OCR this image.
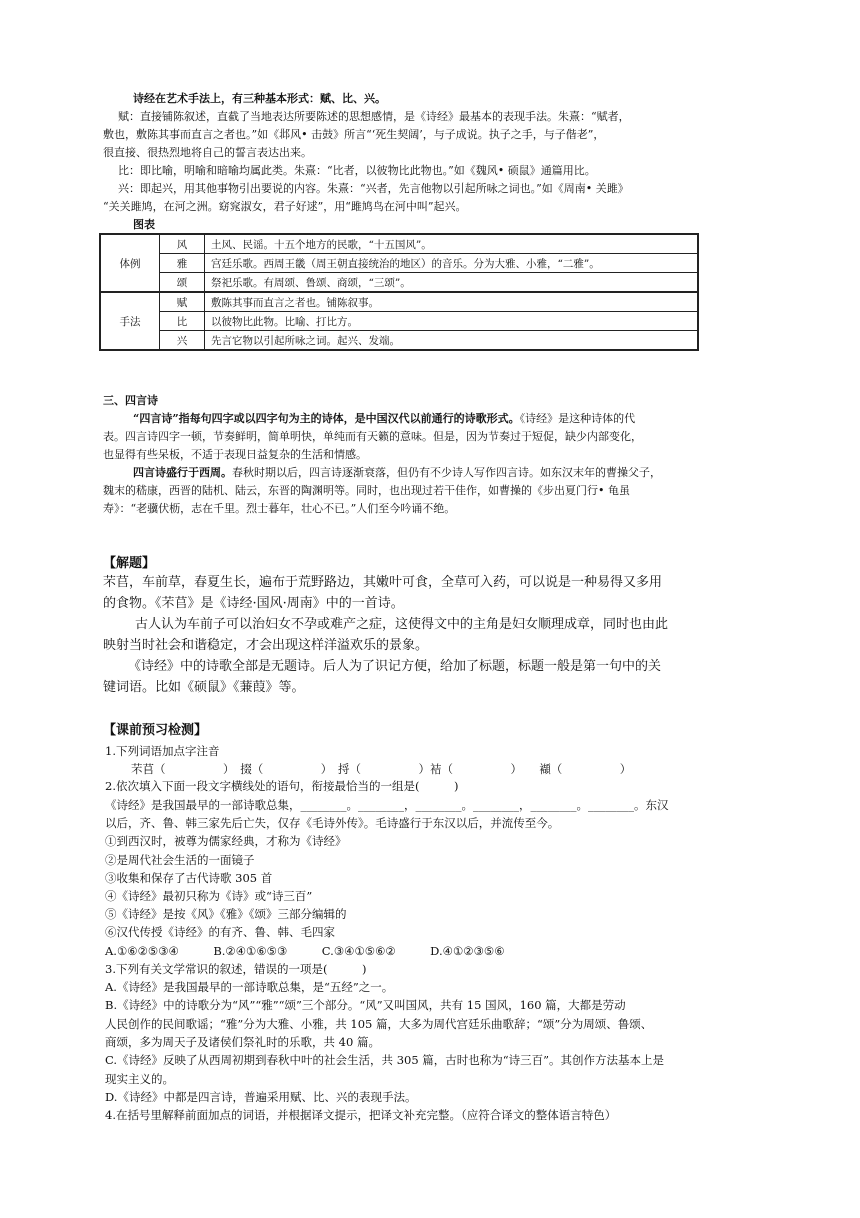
诗经在艺术手法上，有三种基本形式：赋、比、兴。
赋：直接铺陈叙述，直截了当地表达所要陈述的思想感情，是《诗经》最基本的表现手法。朱熹：“赋者，
敷也，敷陈其事而直言之者也。”如《邶风• 击鼓》所言“‘死生契阔’，与子成说。执子之手，与子偕老”，
很直接、很热烈地将自己的誓言表达出来。
比：即比喻，明喻和暗喻均属此类。朱熹：“比者，以彼物比此物也。”如《魏风• 硕鼠》通篇用比。
兴：即起兴，用其他事物引出要说的内容。朱熹：“兴者，先言他物以引起所咏之词也。”如《周南• 关雎》
“关关雎鸠，在河之洲。窈窕淑女，君子好逑”，用“雎鸠鸟在河中叫”起兴。
图表
体例	风	土风、民谣。十五个地方的民歌，“十五国风”。
	雅	宫廷乐歌。西周王畿（周王朝直接统治的地区）的音乐。分为大雅、小雅，“二雅”。
	颂	祭祀乐歌。有周颂、鲁颂、商颂，“三颂”。
手法	赋	敷陈其事而直言之者也。铺陈叙事。
	比	以彼物比此物。比喻、打比方。
	兴	先言它物以引起所咏之词。起兴、发端。
三、四言诗
“四言诗”指每句四字或以四字句为主的诗体，是中国汉代以前通行的诗歌形式。《诗经》是这种诗体的代
表。四言诗四字一顿，节奏鲜明，简单明快，单纯而有天籁的意味。但是，因为节奏过于短促，缺少内部变化，
也显得有些呆板，不适于表现日益复杂的生活和情感。
四言诗盛行于西周。春秋时期以后，四言诗逐渐衰落，但仍有不少诗人写作四言诗。如东汉末年的曹操父子，
魏末的嵇康，西晋的陆机、陆云，东晋的陶渊明等。同时，也出现过若干佳作，如曹操的《步出夏门行• 龟虽
寿》：“老骥伏枥，志在千里。烈士暮年，壮心不已。”人们至今吟诵不绝。
【解题】
芣苢，车前草，春夏生长，遍布于荒野路边，其嫩叶可食，全草可入药，可以说是一种易得又多用
的食物。《芣苢》是《诗经·国风·周南》中的一首诗。
古人认为车前子可以治妇女不孕或难产之症，这使得文中的主角是妇女顺理成章，同时也由此
映射当时社会和谐稳定，才会出现这样洋溢欢乐的景象。
《诗经》中的诗歌全部是无题诗。后人为了识记方便，给加了标题，标题一般是第一句中的关
键词语。比如《硕鼠》《蒹葭》等。
【课前预习检测】
1.下列词语加点字注音
芣苢（　　　　　）　掇（　　　　　）　捋（　　　　　）袺（　　　　　）　　襭（　　　　　）
2.依次填入下面一段文字横线处的语句，衔接最恰当的一组是(　　　)
《诗经》是我国最早的一部诗歌总集，________。________，________。________，________。________。东汉
以后，齐、鲁、韩三家先后亡失，仅存《毛诗外传》。毛诗盛行于东汉以后，并流传至今。
①到西汉时，被尊为儒家经典，才称为《诗经》
②是周代社会生活的一面镜子
③收集和保存了古代诗歌 305 首
④《诗经》最初只称为《诗》或“诗三百”
⑤《诗经》是按《风》《雅》《颂》三部分编辑的
⑥汉代传授《诗经》的有齐、鲁、韩、毛四家
A.①⑥②⑤③④　　　B.②④①⑥⑤③　　　C.③④①⑤⑥②　　　D.④①②③⑤⑥
3.下列有关文学常识的叙述，错误的一项是(　　　)
A.《诗经》是我国最早的一部诗歌总集，是“五经”之一。
B.《诗经》中的诗歌分为“风”“雅”“颂”三个部分。“风”又叫国风，共有 15 国风，160 篇，大都是劳动
人民创作的民间歌谣；“雅”分为大雅、小雅，共 105 篇，大多为周代宫廷乐曲歌辞；“颂”分为周颂、鲁颂、
商颂，多为周天子及诸侯们祭礼时的乐歌，共 40 篇。
C.《诗经》反映了从西周初期到春秋中叶的社会生活，共 305 篇，古时也称为“诗三百”。其创作方法基本上是
现实主义的。
D.《诗经》中都是四言诗，普遍采用赋、比、兴的表现手法。
4.在括号里解释前面加点的词语，并根据译文提示，把译文补充完整。（应符合译文的整体语言特色）
